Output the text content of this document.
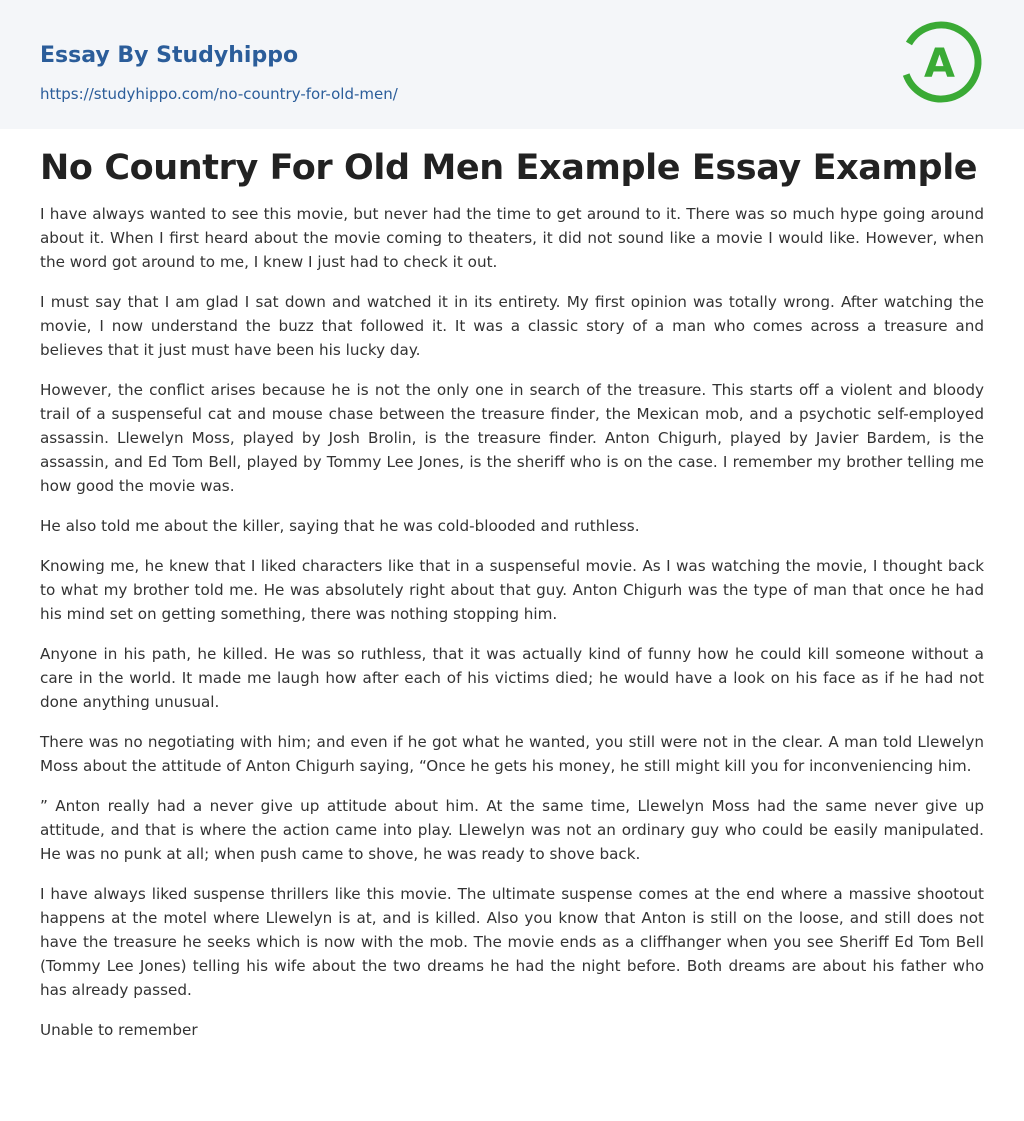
Essay By Studyhippo
https://studyhippo.com/no-country-for-old-men/
A
No Country For Old Men Example Essay Example

I have always wanted to see this movie, but never had the time to get around to it. There was so much hype going around about it. When I first heard about the movie coming to theaters, it did not sound like a movie I would like. However, when the word got around to me, I knew I just had to check it out.

I must say that I am glad I sat down and watched it in its entirety. My first opinion was totally wrong. After watching the movie, I now understand the buzz that followed it. It was a classic story of a man who comes across a treasure and believes that it just must have been his lucky day.

However, the conflict arises because he is not the only one in search of the treasure. This starts off a violent and bloody trail of a suspenseful cat and mouse chase between the treasure finder, the Mexican mob, and a psychotic self-employed assassin. Llewelyn Moss, played by Josh Brolin, is the treasure finder. Anton Chigurh, played by Javier Bardem, is the assassin, and Ed Tom Bell, played by Tommy Lee Jones, is the sheriff who is on the case. I remember my brother telling me how good the movie was.

He also told me about the killer, saying that he was cold-blooded and ruthless.

Knowing me, he knew that I liked characters like that in a suspenseful movie. As I was watching the movie, I thought back to what my brother told me. He was absolutely right about that guy. Anton Chigurh was the type of man that once he had his mind set on getting something, there was nothing stopping him.

Anyone in his path, he killed. He was so ruthless, that it was actually kind of funny how he could kill someone without a care in the world. It made me laugh how after each of his victims died; he would have a look on his face as if he had not done anything unusual.

There was no negotiating with him; and even if he got what he wanted, you still were not in the clear. A man told Llewelyn Moss about the attitude of Anton Chigurh saying, “Once he gets his money, he still might kill you for inconveniencing him.

” Anton really had a never give up attitude about him. At the same time, Llewelyn Moss had the same never give up attitude, and that is where the action came into play. Llewelyn was not an ordinary guy who could be easily manipulated. He was no punk at all; when push came to shove, he was ready to shove back.

I have always liked suspense thrillers like this movie. The ultimate suspense comes at the end where a massive shootout happens at the motel where Llewelyn is at, and is killed. Also you know that Anton is still on the loose, and still does not have the treasure he seeks which is now with the mob. The movie ends as a cliffhanger when you see Sheriff Ed Tom Bell (Tommy Lee Jones) telling his wife about the two dreams he had the night before. Both dreams are about his father who has already passed.

Unable to remember
